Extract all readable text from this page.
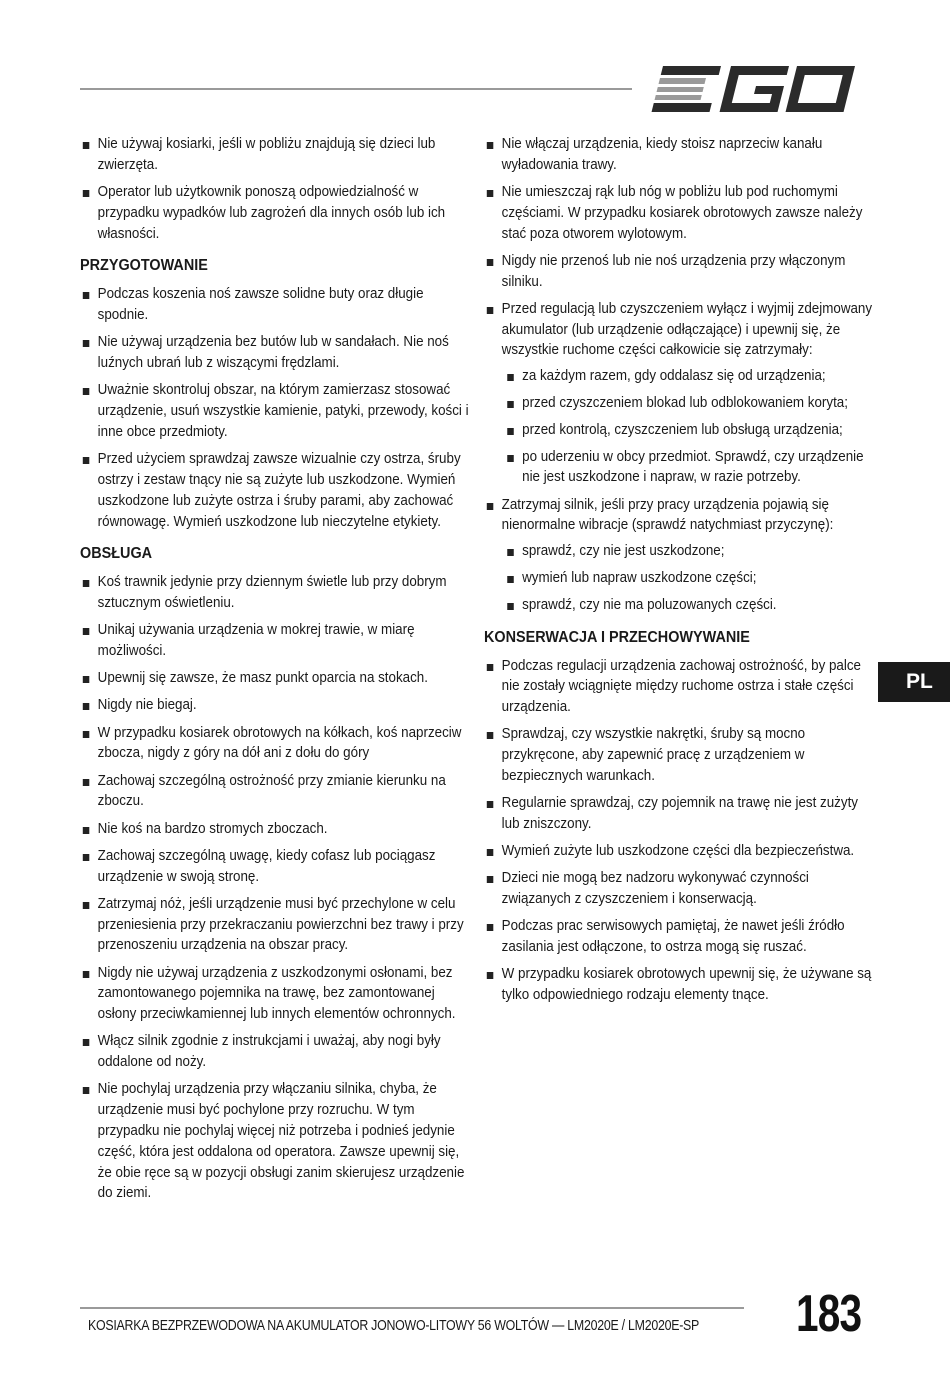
Nie używaj kosiarki, jeśli w pobliżu znajdują się dzieci lub zwierzęta.
Operator lub użytkownik ponoszą odpowiedzialność w przypadku wypadków lub zagrożeń dla innych osób lub ich własności.
PRZYGOTOWANIE
Podczas koszenia noś zawsze solidne buty oraz długie spodnie.
Nie używaj urządzenia bez butów lub w sandałach. Nie noś luźnych ubrań lub z wiszącymi frędzlami.
Uważnie skontroluj obszar, na którym zamierzasz stosować urządzenie, usuń wszystkie kamienie, patyki, przewody, kości i inne obce przedmioty.
Przed użyciem sprawdzaj zawsze wizualnie czy ostrza, śruby ostrzy i zestaw tnący nie są zużyte lub uszkodzone. Wymień uszkodzone lub zużyte ostrza i śruby parami, aby zachować równowagę. Wymień uszkodzone lub nieczytelne etykiety.
OBSŁUGA
Koś trawnik jedynie przy dziennym świetle lub przy dobrym sztucznym oświetleniu.
Unikaj używania urządzenia w mokrej trawie, w miarę możliwości.
Upewnij się zawsze, że masz punkt oparcia na stokach.
Nigdy nie biegaj.
W przypadku kosiarek obrotowych na kółkach, koś naprzeciw zbocza, nigdy z góry na dół ani z dołu do góry
Zachowaj szczególną ostrożność przy zmianie kierunku na zboczu.
Nie koś na bardzo stromych zboczach.
Zachowaj szczególną uwagę, kiedy cofasz lub pociągasz urządzenie w swoją stronę.
Zatrzymaj nóż, jeśli urządzenie musi być przechylone w celu przeniesienia przy przekraczaniu powierzchni bez trawy i przy przenoszeniu urządzenia na obszar pracy.
Nigdy nie używaj urządzenia z uszkodzonymi osłonami, bez zamontowanego pojemnika na trawę, bez zamontowanej osłony przeciwkamiennej lub innych elementów ochronnych.
Włącz silnik zgodnie z instrukcjami i uważaj, aby nogi były oddalone od noży.
Nie pochylaj urządzenia przy włączaniu silnika, chyba, że urządzenie musi być pochylone przy rozruchu. W tym przypadku nie pochylaj więcej niż potrzeba i podnieś jedynie część, która jest oddalona od operatora. Zawsze upewnij się, że obie ręce są w pozycji obsługi zanim skierujesz urządzenie do ziemi.
Nie włączaj urządzenia, kiedy stoisz naprzeciw kanału wyładowania trawy.
Nie umieszczaj rąk lub nóg w pobliżu lub pod ruchomymi częściami. W przypadku kosiarek obrotowych zawsze należy stać poza otworem wylotowym.
Nigdy nie przenoś lub nie noś urządzenia przy włączonym silniku.
Przed regulacją lub czyszczeniem wyłącz i wyjmij zdejmowany akumulator (lub urządzenie odłączające) i upewnij się, że wszystkie ruchome części całkowicie się zatrzymały:
za każdym razem, gdy oddalasz się od urządzenia;
przed czyszczeniem blokad lub odblokowaniem koryta;
przed kontrolą, czyszczeniem lub obsługą urządzenia;
po uderzeniu w obcy przedmiot. Sprawdź, czy urządzenie nie jest uszkodzone i napraw, w razie potrzeby.
Zatrzymaj silnik, jeśli przy pracy urządzenia pojawią się nienormalne wibracje (sprawdź natychmiast przyczynę):
sprawdź, czy nie jest uszkodzone;
wymień lub napraw uszkodzone części;
sprawdź, czy nie ma poluzowanych części.
KONSERWACJA I PRZECHOWYWANIE
Podczas regulacji urządzenia zachowaj ostrożność, by palce nie zostały wciągnięte między ruchome ostrza i stałe części urządzenia.
Sprawdzaj, czy wszystkie nakrętki, śruby są mocno przykręcone, aby zapewnić pracę z urządzeniem w bezpiecznych warunkach.
Regularnie sprawdzaj, czy pojemnik na trawę nie jest zużyty lub zniszczony.
Wymień zużyte lub uszkodzone części dla bezpieczeństwa.
Dzieci nie mogą bez nadzoru wykonywać czynności związanych z czyszczeniem i konserwacją.
Podczas prac serwisowych pamiętaj, że nawet jeśli źródło zasilania jest odłączone, to ostrza mogą się ruszać.
W przypadku kosiarek obrotowych upewnij się, że używane są tylko odpowiedniego rodzaju elementy tnące.
PL
KOSIARKA BEZPRZEWODOWA NA AKUMULATOR JONOWO-LITOWY 56 WOLTÓW — LM2020E / LM2020E-SP 183
